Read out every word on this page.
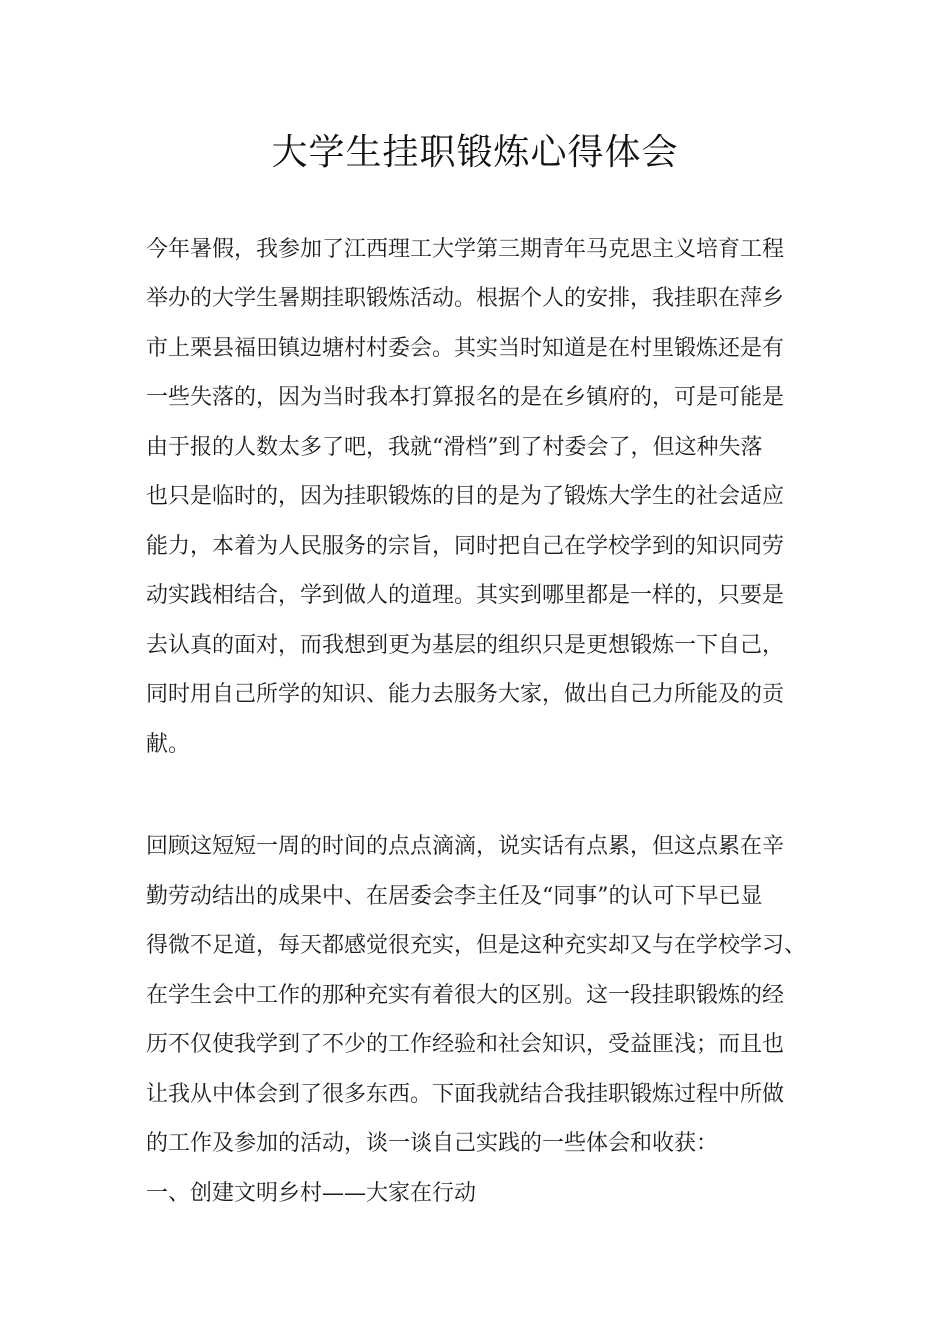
大学生挂职锻炼心得体会
今年暑假，我参加了江西理工大学第三期青年马克思主义培育工程
举办的大学生暑期挂职锻炼活动。根据个人的安排，我挂职在萍乡
市上栗县福田镇边塘村村委会。其实当时知道是在村里锻炼还是有
一些失落的，因为当时我本打算报名的是在乡镇府的，可是可能是
由于报的人数太多了吧，我就“滑档”到了村委会了，但这种失落
也只是临时的，因为挂职锻炼的目的是为了锻炼大学生的社会适应
能力，本着为人民服务的宗旨，同时把自己在学校学到的知识同劳
动实践相结合，学到做人的道理。其实到哪里都是一样的，只要是
去认真的面对，而我想到更为基层的组织只是更想锻炼一下自己，
同时用自己所学的知识、能力去服务大家，做出自己力所能及的贡
献。
回顾这短短一周的时间的点点滴滴，说实话有点累，但这点累在辛
勤劳动结出的成果中、在居委会李主任及“同事”的认可下早已显
得微不足道，每天都感觉很充实，但是这种充实却又与在学校学习、
在学生会中工作的那种充实有着很大的区别。这一段挂职锻炼的经
历不仅使我学到了不少的工作经验和社会知识，受益匪浅；而且也
让我从中体会到了很多东西。下面我就结合我挂职锻炼过程中所做
的工作及参加的活动，谈一谈自己实践的一些体会和收获：
一、创建文明乡村——大家在行动
